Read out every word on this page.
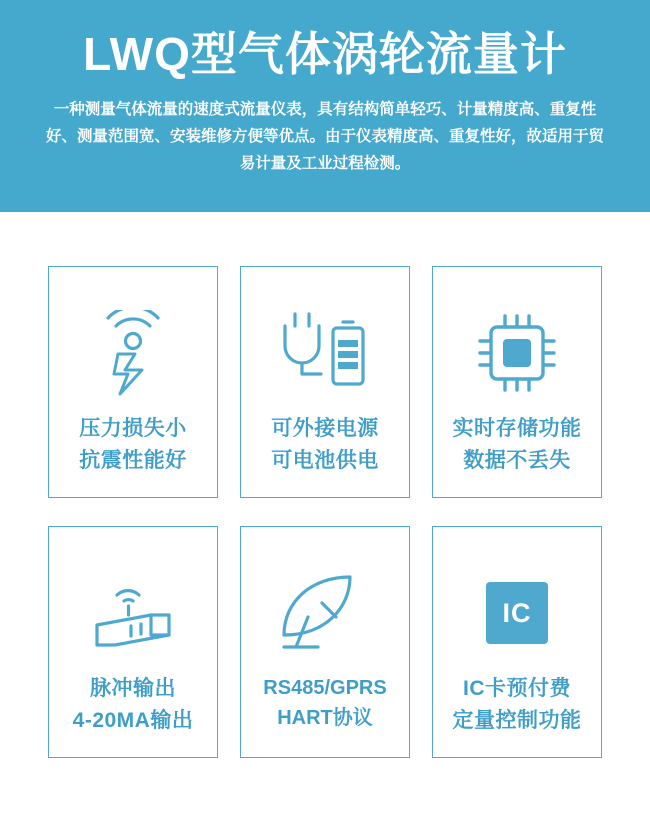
LWQ型气体涡轮流量计
一种测量气体流量的速度式流量仪表，具有结构简单轻巧、计量精度高、重复性好、测量范围宽、安装维修方便等优点。由于仪表精度高、重复性好，故适用于贸易计量及工业过程检测。
压力损失小
抗震性能好
可外接电源
可电池供电
实时存储功能
数据不丢失
脉冲输出
4-20MA输出
RS485/GPRS
HART协议
IC
IC卡预付费
定量控制功能
